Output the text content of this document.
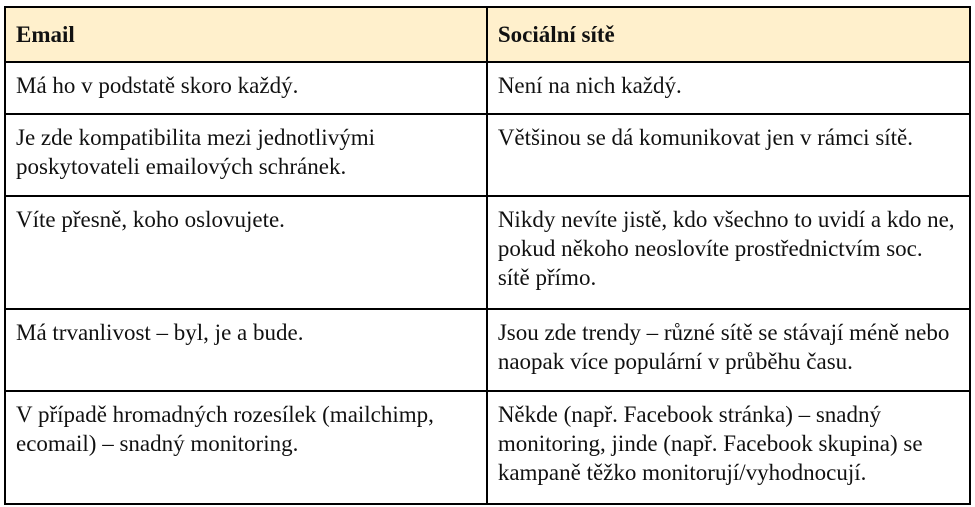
Email	Sociální sítě
Má ho v podstatě skoro každý.	Není na nich každý.
Je zde kompatibilita mezi jednotlivými poskytovateli emailových schránek.	Většinou se dá komunikovat jen v rámci sítě.
Víte přesně, koho oslovujete.	Nikdy nevíte jistě, kdo všechno to uvidí a kdo ne, pokud někoho neoslovíte prostřednictvím soc. sítě přímo.
Má trvanlivost – byl, je a bude.	Jsou zde trendy – různé sítě se stávají méně nebo naopak více populární v průběhu času.
V případě hromadných rozesílek (mailchimp, ecomail) – snadný monitoring.	Někde (např. Facebook stránka) – snadný monitoring, jinde (např. Facebook skupina) se kampaně těžko monitorují/vyhodnocují.
